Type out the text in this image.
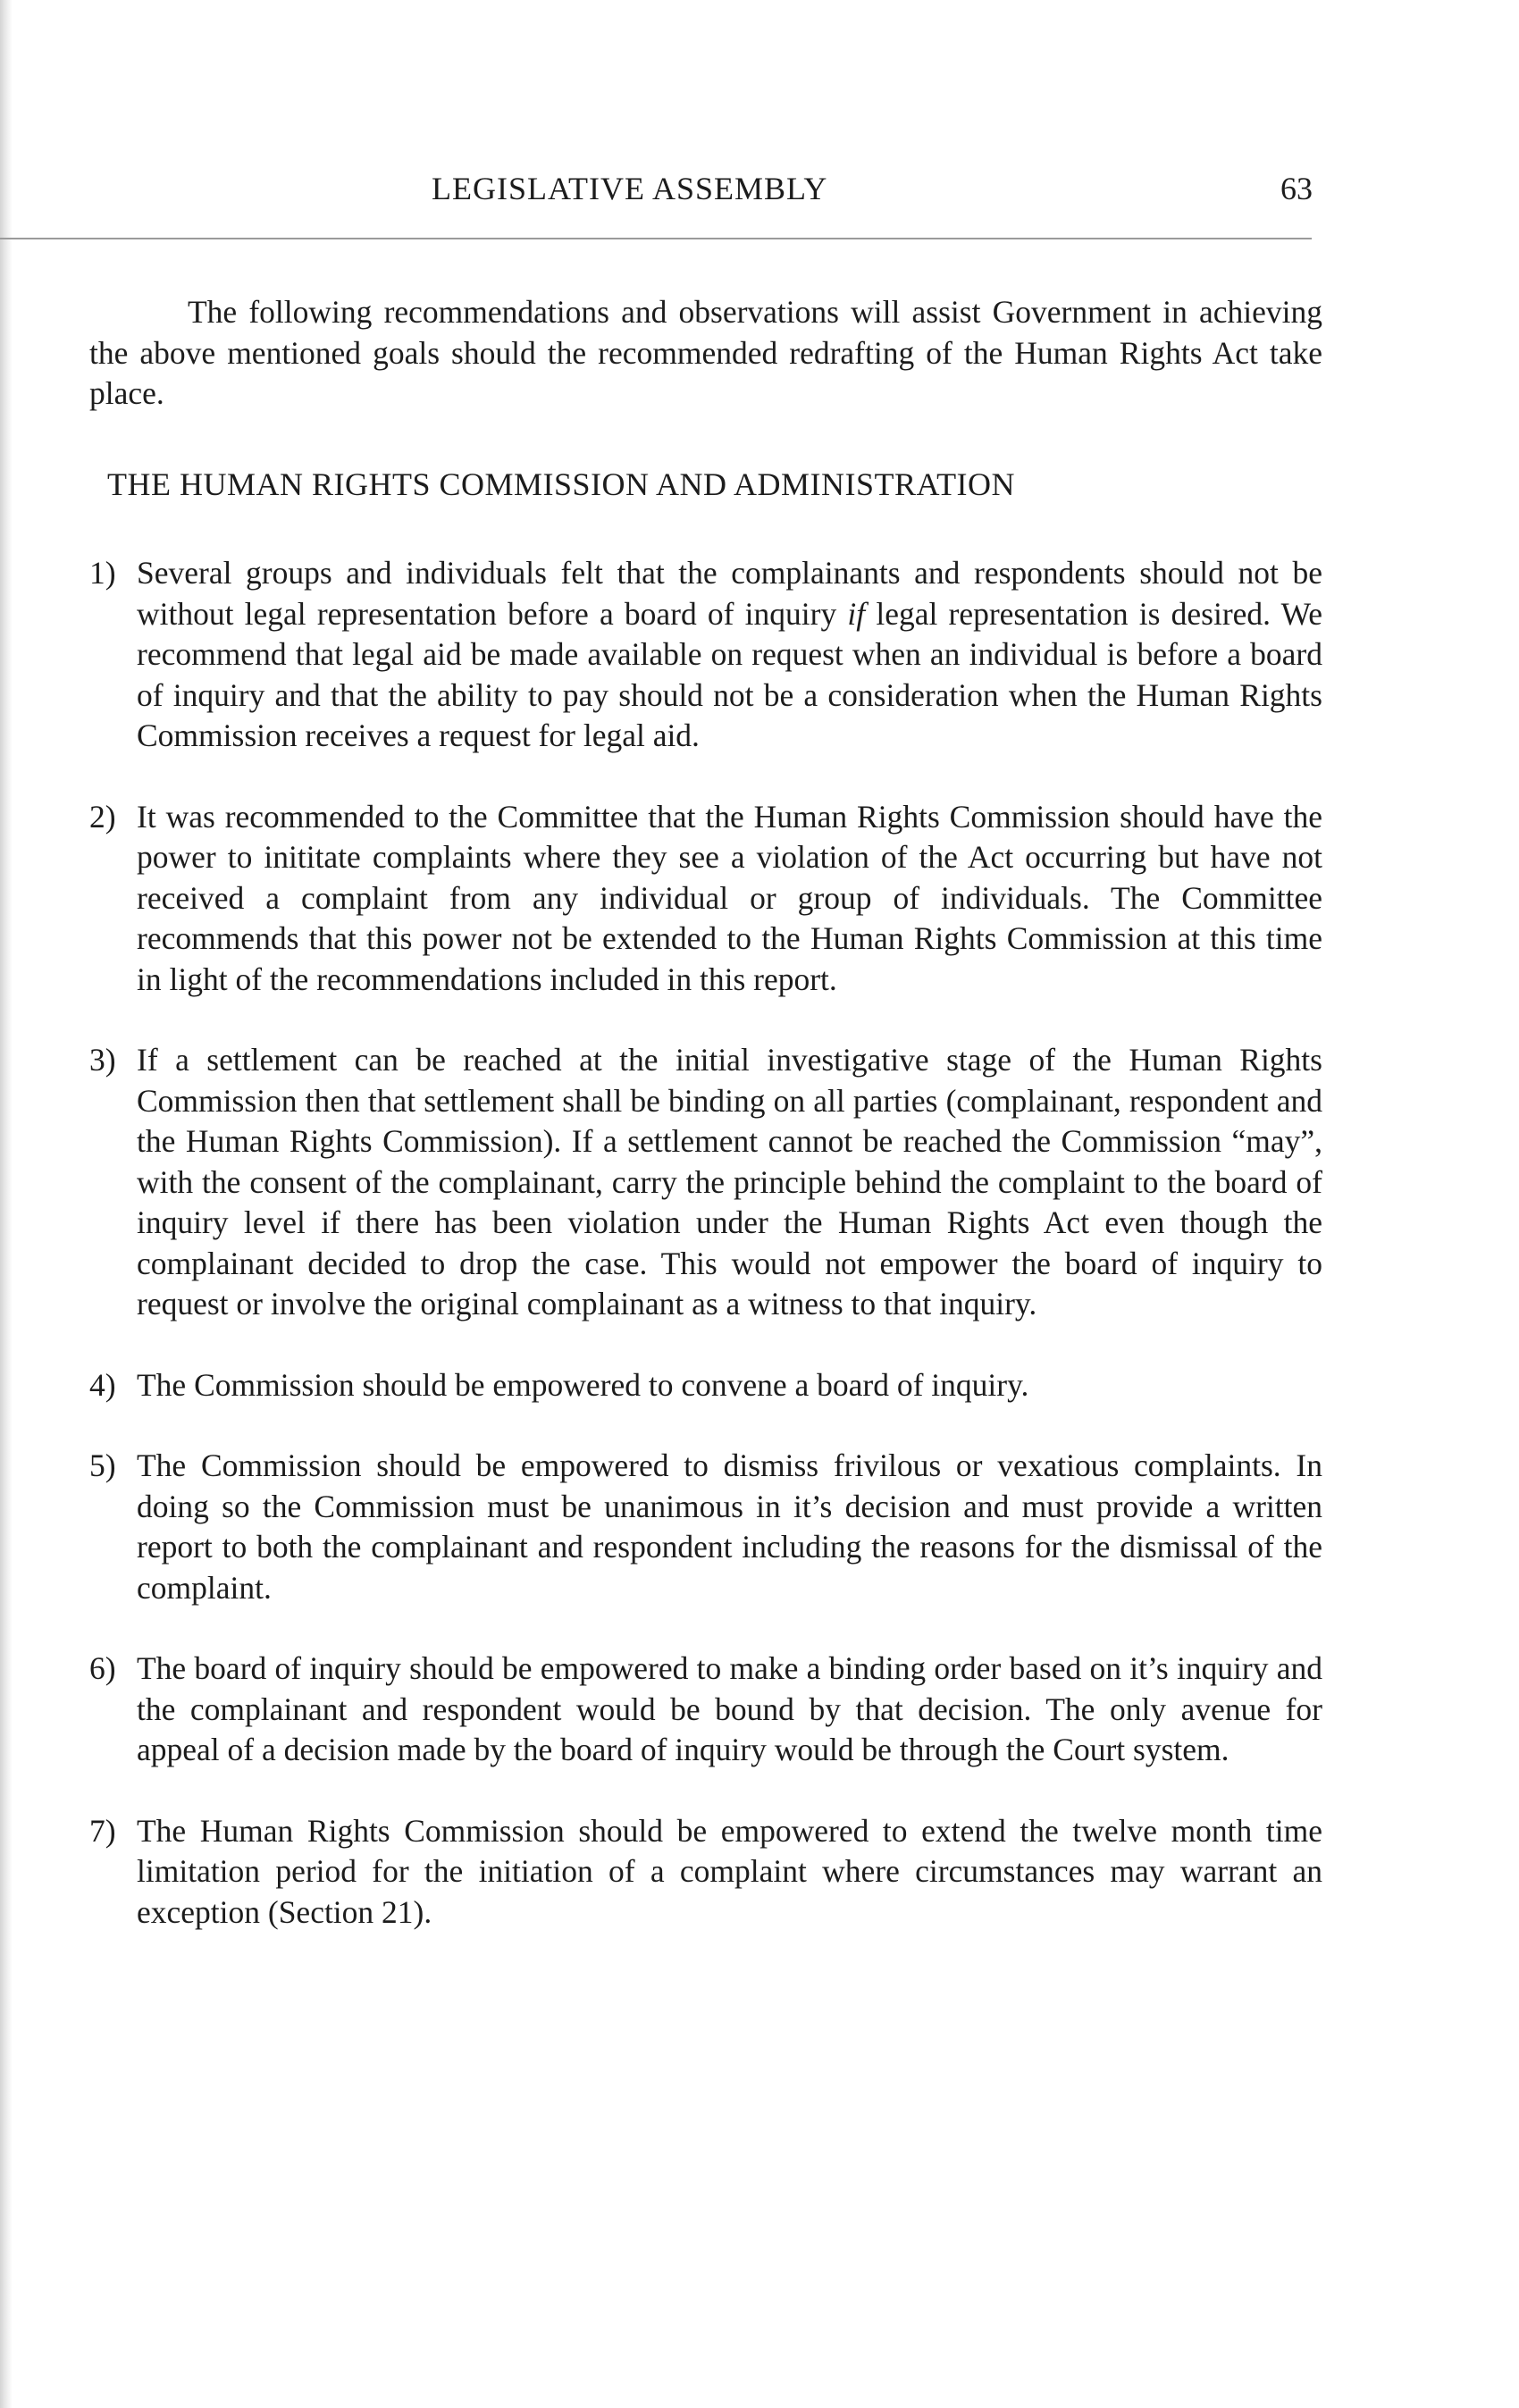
LEGISLATIVE ASSEMBLY	63

The following recommendations and observations will assist Government in achieving the above mentioned goals should the recommended redrafting of the Human Rights Act take place.

THE HUMAN RIGHTS COMMISSION AND ADMINISTRATION
1) Several groups and individuals felt that the complainants and respondents should not be without legal representation before a board of inquiry if legal representation is desired. We recommend that legal aid be made available on request when an individual is before a board of inquiry and that the ability to pay should not be a consideration when the Human Rights Commission receives a request for legal aid.
2) It was recommended to the Committee that the Human Rights Commission should have the power to inititate complaints where they see a violation of the Act occurring but have not received a complaint from any individual or group of individuals. The Committee recommends that this power not be extended to the Human Rights Commission at this time in light of the recommendations included in this report.
3) If a settlement can be reached at the initial investigative stage of the Human Rights Commission then that settlement shall be binding on all parties (complainant, respondent and the Human Rights Commission). If a settlement cannot be reached the Commission “may”, with the consent of the complainant, carry the principle behind the complaint to the board of inquiry level if there has been violation under the Human Rights Act even though the complainant decided to drop the case. This would not empower the board of inquiry to request or involve the original complainant as a witness to that inquiry.
4) The Commission should be empowered to convene a board of inquiry.
5) The Commission should be empowered to dismiss frivilous or vexatious complaints. In doing so the Commission must be unanimous in it’s decision and must provide a written report to both the complainant and respondent including the reasons for the dismissal of the complaint.
6) The board of inquiry should be empowered to make a binding order based on it’s inquiry and the complainant and respondent would be bound by that decision. The only avenue for appeal of a decision made by the board of inquiry would be through the Court system.
7) The Human Rights Commission should be empowered to extend the twelve month time limitation period for the initiation of a complaint where circumstances may warrant an exception (Section 21).
